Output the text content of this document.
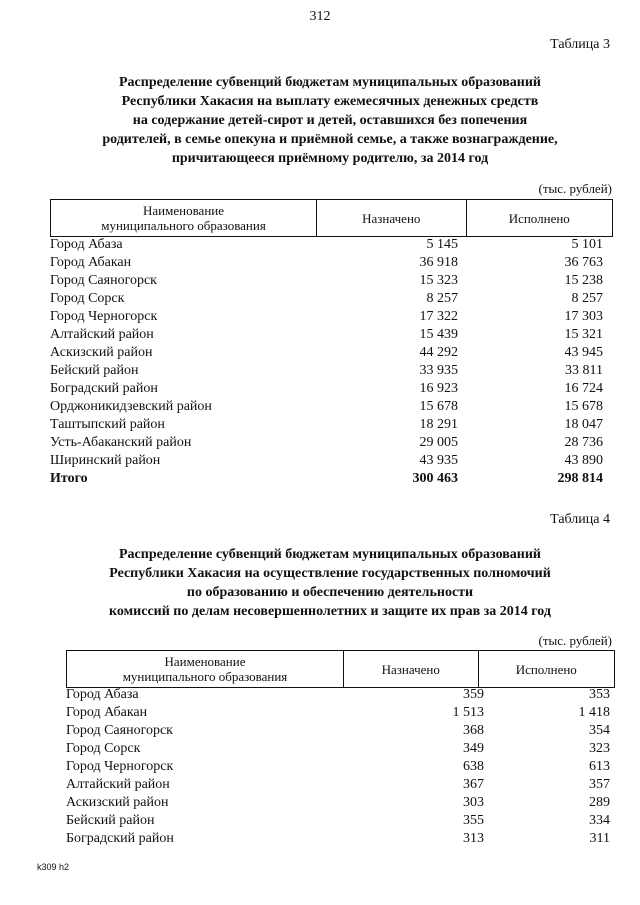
312
Таблица 3
Распределение субвенций бюджетам муниципальных образований
Республики Хакасия на выплату ежемесячных денежных средств
на содержание детей-сирот и детей, оставшихся без попечения
родителей, в семье опекуна и приёмной семье, а также вознаграждение,
причитающееся приёмному родителю, за 2014 год
(тыс. рублей)
Наименование
муниципального образования	Назначено	Исполнено
Город Абаза	5 145	5 101
Город Абакан	36 918	36 763
Город Саяногорск	15 323	15 238
Город Сорск	8 257	8 257
Город Черногорск	17 322	17 303
Алтайский район	15 439	15 321
Аскизский район	44 292	43 945
Бейский район	33 935	33 811
Боградский район	16 923	16 724
Орджоникидзевский район	15 678	15 678
Таштыпский район	18 291	18 047
Усть-Абаканский район	29 005	28 736
Ширинский район	43 935	43 890
Итого	300 463	298 814
Таблица 4
Распределение субвенций бюджетам муниципальных образований
Республики Хакасия на осуществление государственных полномочий
по образованию и обеспечению деятельности
комиссий по делам несовершеннолетних и защите их прав за 2014 год
(тыс. рублей)
Наименование
муниципального образования	Назначено	Исполнено
Город Абаза	359	353
Город Абакан	1 513	1 418
Город Саяногорск	368	354
Город Сорск	349	323
Город Черногорск	638	613
Алтайский район	367	357
Аскизский район	303	289
Бейский район	355	334
Боградский район	313	311
k309 h2
